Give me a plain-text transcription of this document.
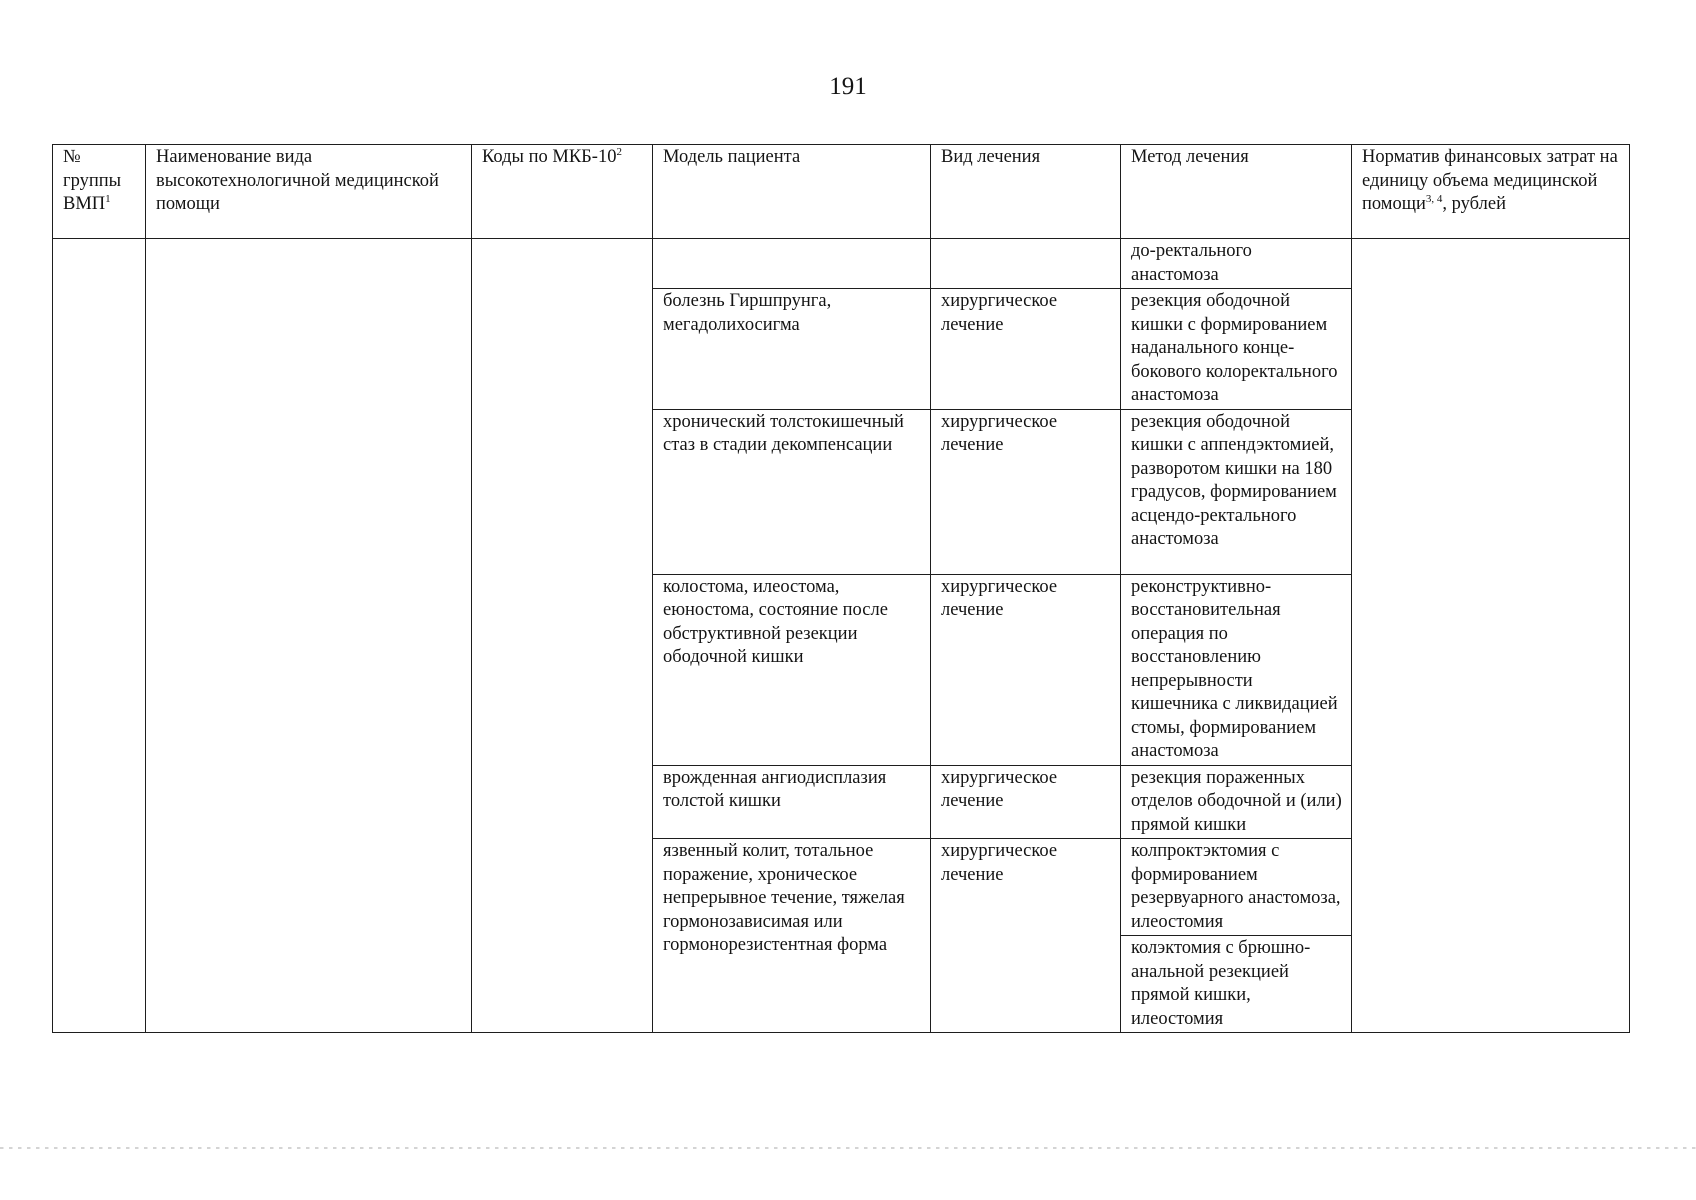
191
№ группы ВМП$^1$	Наименование вида высокотехнологичной медицинской помощи	Коды по МКБ-$10^2$	Модель пациента	Вид лечения	Метод лечения	Норматив финансовых затрат на единицу объема медицинской помощи$^{3, 4}$, рублей
					до-ректального анастомоза	
			болезнь Гиршпрунга, мегадолихосигма	хирургическое лечение	резекция ободочной кишки с формированием наданального конце-бокового колоректального анастомоза	
			хронический толстокишечный стаз в стадии декомпенсации	хирургическое лечение	резекция ободочной кишки с аппендэктомией, разворотом кишки на 180 градусов, формированием асцендо-ректального анастомоза	
			колостома, илеостома, еюностома, состояние после обструктивной резекции ободочной кишки	хирургическое лечение	реконструктивно-восстановительная операция по восстановлению непрерывности кишечника с ликвидацией стомы, формированием анастомоза	
			врожденная ангиодисплазия толстой кишки	хирургическое лечение	резекция пораженных отделов ободочной и (или) прямой кишки	
			язвенный колит, тотальное поражение, хроническое непрерывное течение, тяжелая гормонозависимая или гормонорезистентная форма	хирургическое лечение	колпроктэктомия с формированием резервуарного анастомоза, илеостомия	
					колэктомия с брюшно-анальной резекцией прямой кишки, илеостомия	
